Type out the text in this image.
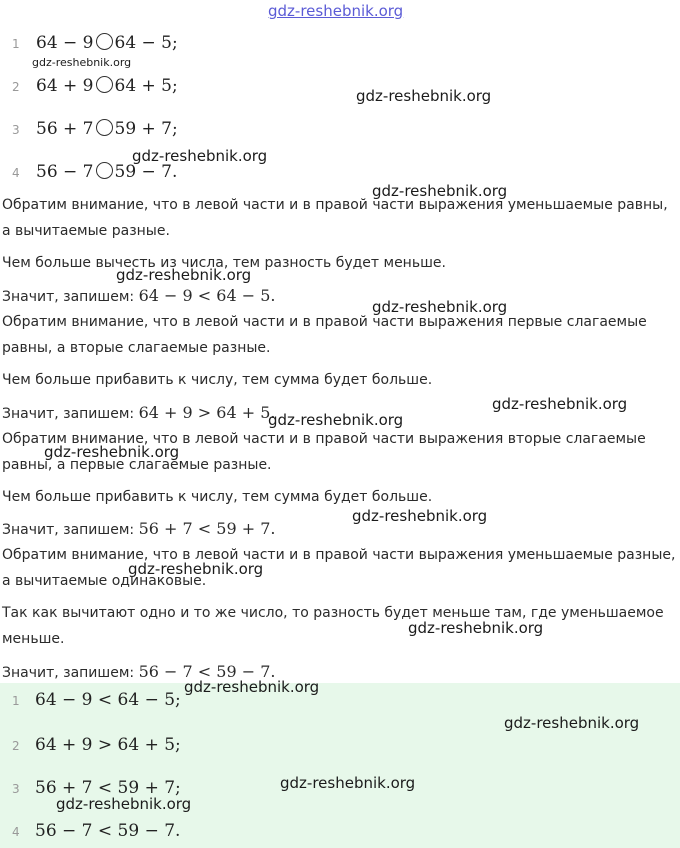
gdz-reshebnik.org
1 64 − 9 64 − 5;
gdz-reshebnik.org
2 64 + 9 64 + 5;	gdz-reshebnik.org
3 56 + 7 59 + 7;
gdz-reshebnik.org
4 56 − 7 59 − 7.
gdz-reshebnik.org
Обратим внимание, что в левой части и в правой части выражения уменьшаемые равны, а вычитаемые разные.
Чем больше вычесть из числа, тем разность будет меньше.
gdz-reshebnik.org
Значит, запишем: 64 − 9 < 64 − 5.
gdz-reshebnik.org
Обратим внимание, что в левой части и в правой части выражения первые слагаемые равны, а вторые слагаемые разные.
Чем больше прибавить к числу, тем сумма будет больше.
Значит, запишем: 64 + 9 > 64 + 5.	gdz-reshebnik.org
gdz-reshebnik.org
Обратим внимание, что в левой части и в правой части выражения вторые слагаемые равны, а первые слагаемые разные.
gdz-reshebnik.org
Чем больше прибавить к числу, тем сумма будет больше.
Значит, запишем: 56 + 7 < 59 + 7.
gdz-reshebnik.org
Обратим внимание, что в левой части и в правой части выражения уменьшаемые разные, а вычитаемые одинаковые.
gdz-reshebnik.org
Так как вычитают одно и то же число, то разность будет меньше там, где уменьшаемое меньше.
gdz-reshebnik.org
Значит, запишем: 56 − 7 < 59 − 7.
1 64 − 9 < 64 − 5;
gdz-reshebnik.org
gdz-reshebnik.org
2 64 + 9 > 64 + 5;
3 56 + 7 < 59 + 7;	gdz-reshebnik.org
gdz-reshebnik.org
4 56 − 7 < 59 − 7.
